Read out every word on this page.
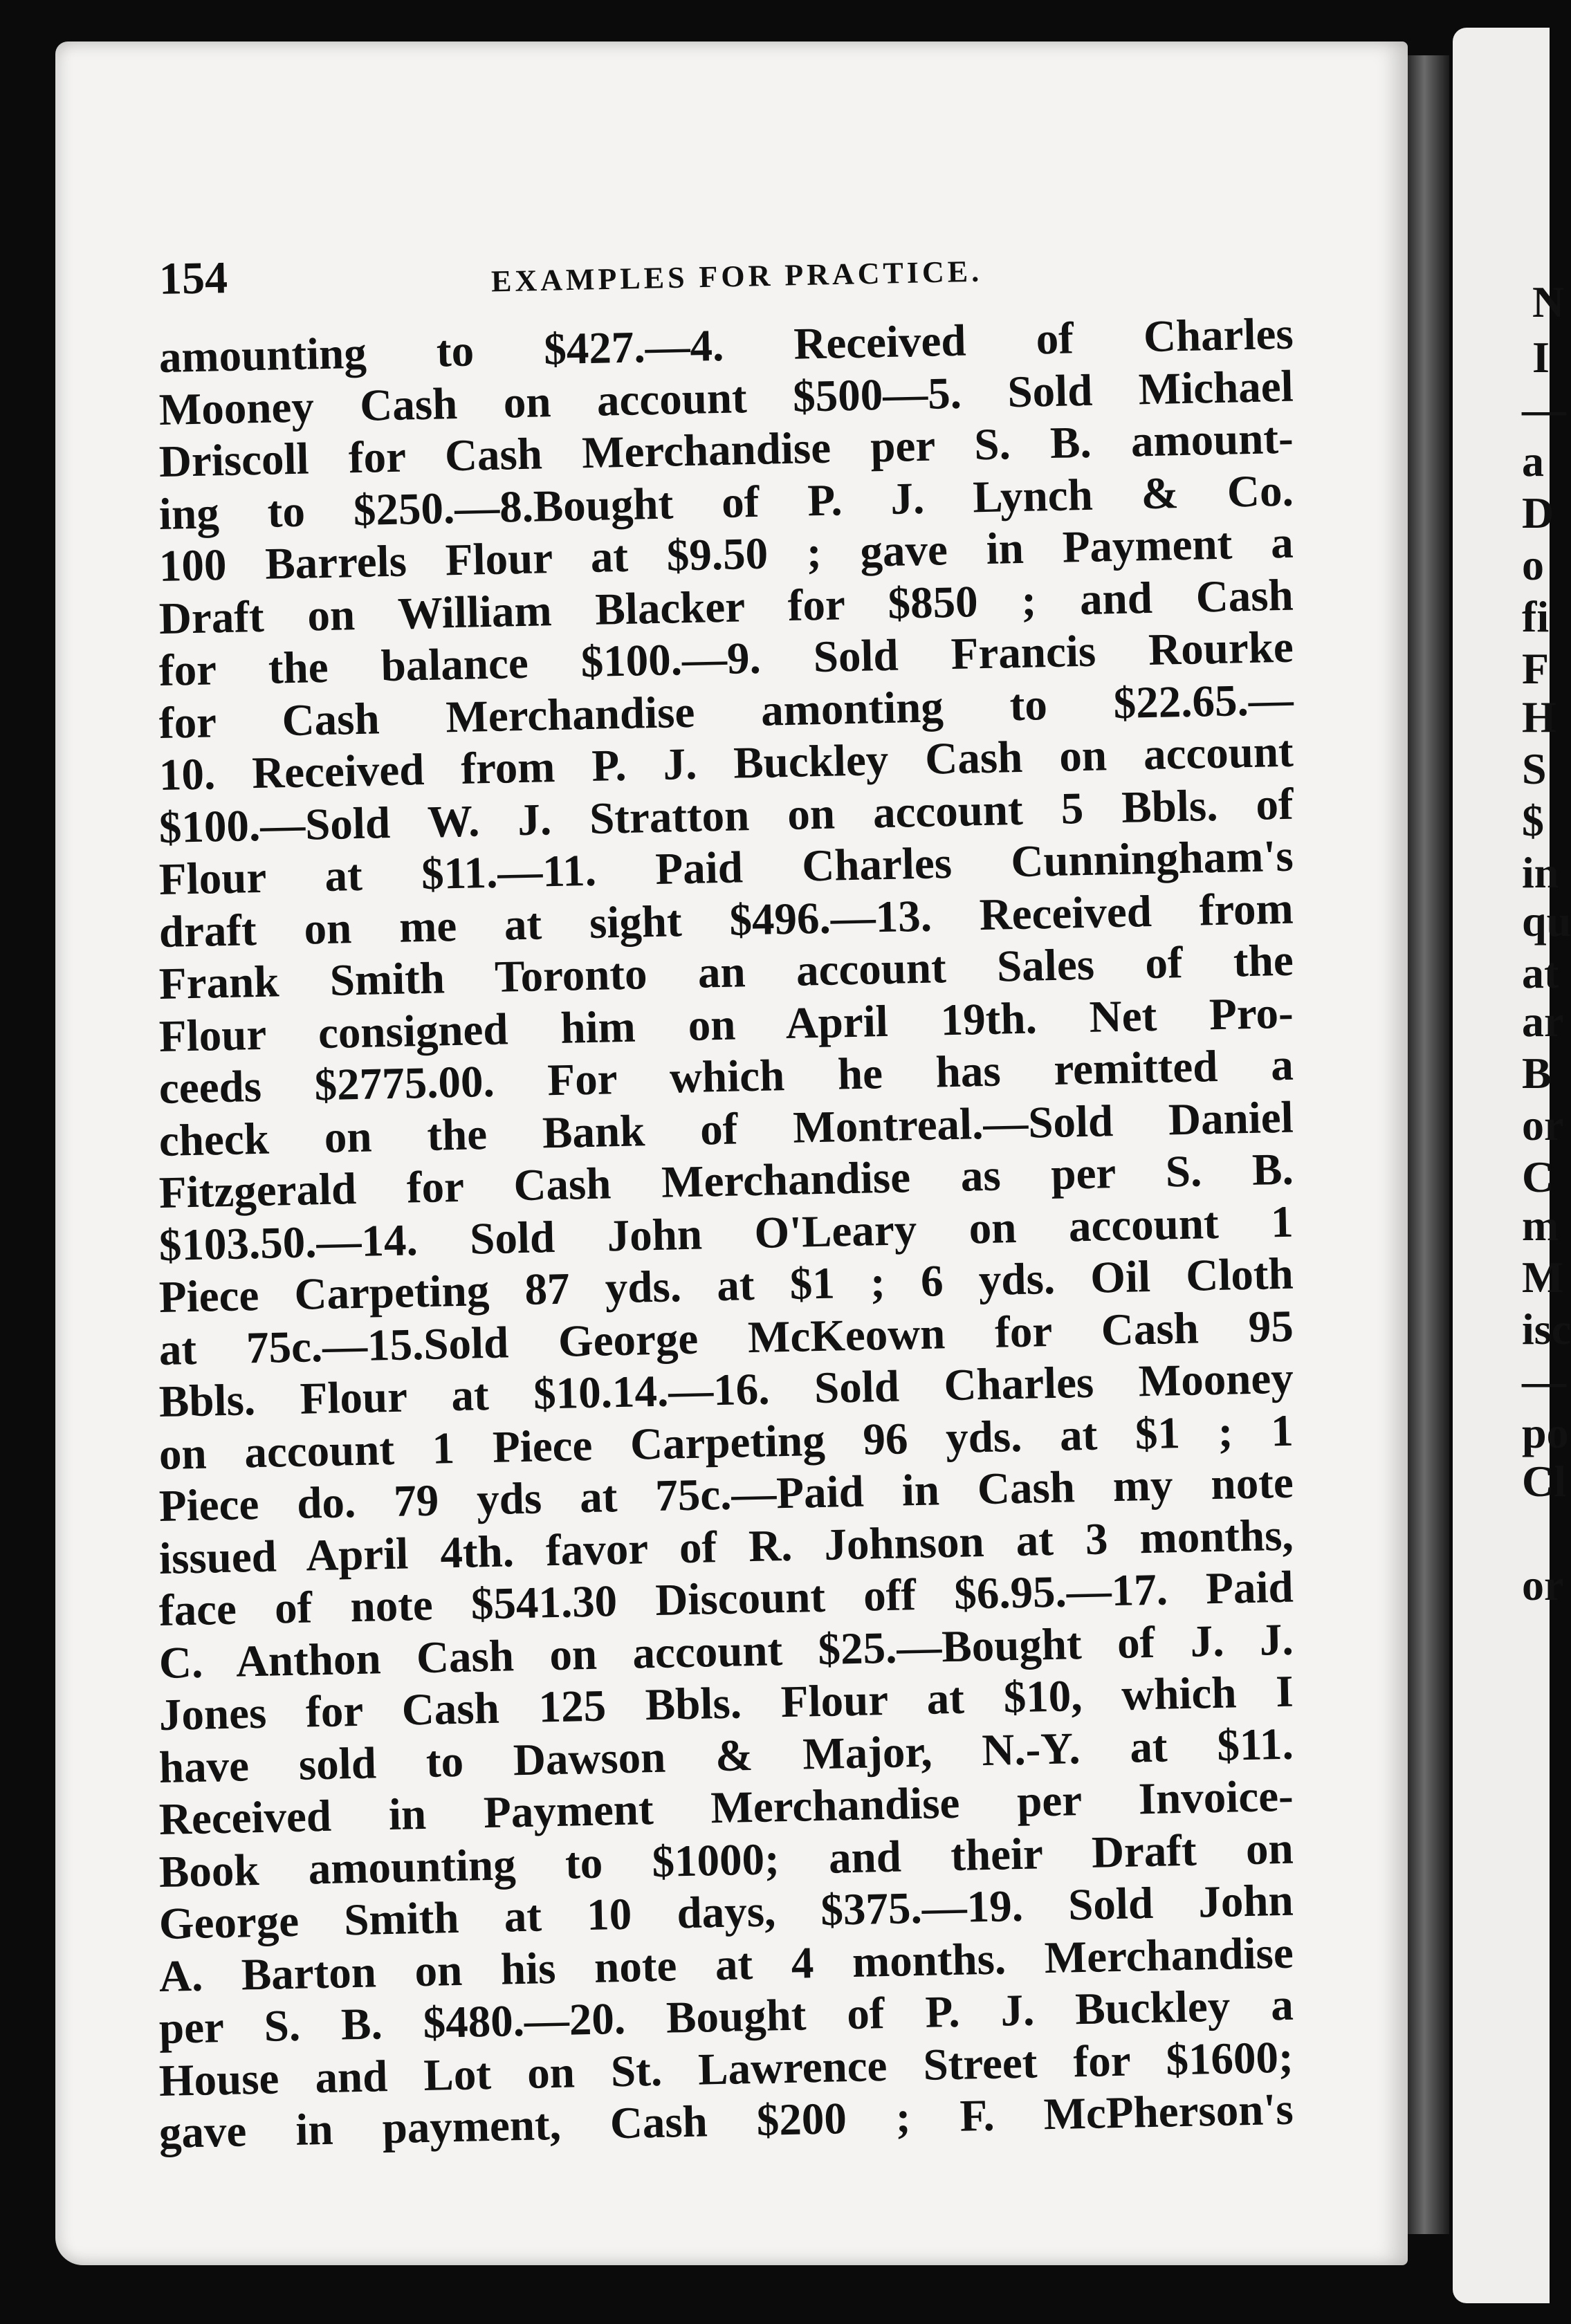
N
I
—
a
D
o
fi
F
H
S
$
in
qu
at
ar
B
or
C
m
M
isc
—
po
Cl
or
154	EXAMPLES FOR PRACTICE.
amounting to $427.—4. Received of Charles
Mooney Cash on account $500—5. Sold Michael
Driscoll for Cash Merchandise per S. B. amount-
ing to $250.—8.Bought of P. J. Lynch & Co.
100 Barrels Flour at $9.50 ; gave in Payment a
Draft on William Blacker for $850 ; and Cash
for the balance $100.—9. Sold Francis Rourke
for Cash Merchandise amonting to $22.65.—
10. Received from P. J. Buckley Cash on account
$100.—Sold W. J. Stratton on account 5 Bbls. of
Flour at $11.—11. Paid Charles Cunningham's
draft on me at sight $496.—13. Received from
Frank Smith Toronto an account Sales of the
Flour consigned him on April 19th. Net Pro-
ceeds $2775.00. For which he has remitted a
check on the Bank of Montreal.—Sold Daniel
Fitzgerald for Cash Merchandise as per S. B.
$103.50.—14. Sold John O'Leary on account 1
Piece Carpeting 87 yds. at $1 ; 6 yds. Oil Cloth
at 75c.—15.Sold George McKeown for Cash 95
Bbls. Flour at $10.14.—16. Sold Charles Mooney
on account 1 Piece Carpeting 96 yds. at $1 ; 1
Piece do. 79 yds at 75c.—Paid in Cash my note
issued April 4th. favor of R. Johnson at 3 months,
face of note $541.30 Discount off $6.95.—17. Paid
C. Anthon Cash on account $25.—Bought of J. J.
Jones for Cash 125 Bbls. Flour at $10, which I
have sold to Dawson & Major, N.-Y. at $11.
Received in Payment Merchandise per Invoice-
Book amounting to $1000; and their Draft on
George Smith at 10 days, $375.—19. Sold John
A. Barton on his note at 4 months. Merchandise
per S. B. $480.—20. Bought of P. J. Buckley a
House and Lot on St. Lawrence Street for $1600;
gave in payment, Cash $200 ; F. McPherson's
